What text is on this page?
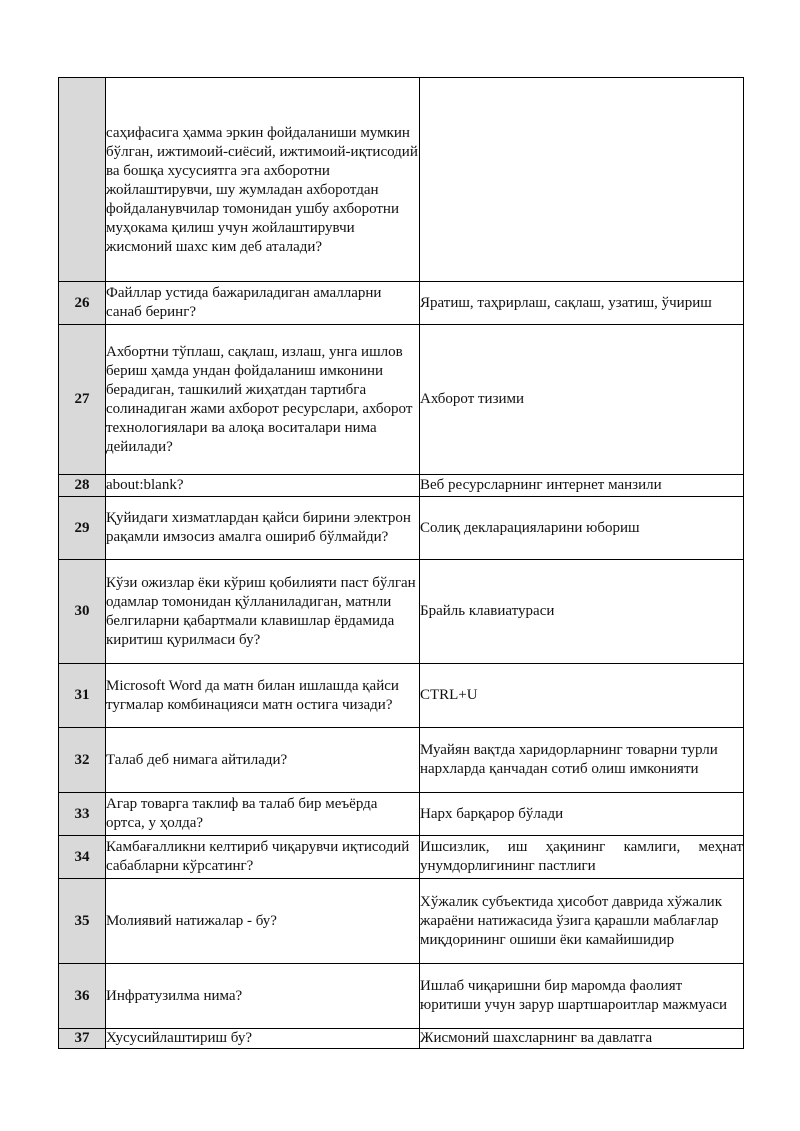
	саҳифасига ҳамма эркин фойдаланиши мумкин бўлган, ижтимоий-сиёсий, ижтимоий-иқтисодий ва бошқа хусусиятга эга ахборотни жойлаштирувчи, шу жумладан ахборотдан фойдаланувчилар томонидан ушбу ахборотни муҳокама қилиш учун жойлаштирувчи жисмоний шахс ким деб аталади?	

26	Файллар устида бажариладиган амалларни санаб беринг?	Яратиш, таҳрирлаш, сақлаш, узатиш, ўчириш

27	Ахбортни тўплаш, сақлаш, излаш, унга ишлов бериш ҳамда ундан фойдаланиш имконини берадиган, ташкилий жиҳатдан тартибга солинадиган жами ахборот ресурслари, ахборот технологиялари ва алоқа воситалари нима дейилади?	Ахборот тизими

28	about:blank?	Веб ресурсларнинг интернет манзили

29	Қуйидаги хизматлардан қайси бирини электрон рақамли имзосиз амалга ошириб бўлмайди?	Солиқ декларацияларини юбориш

30	Кўзи ожизлар ёки кўриш қобилияти паст бўлган одамлар томонидан қўлланиладиган, матнли белгиларни қабартмали клавишлар ёрдамида киритиш қурилмаси бу?	Брайль клавиатураси

31	Microsoft Word да матн билан ишлашда қайси тугмалар комбинацияси матн остига чизади?	CTRL+U

32	Талаб деб нимага айтилади?	Муайян вақтда харидорларнинг товарни турли нархларда қанчадан сотиб олиш имконияти

33	Агар товарга таклиф ва талаб бир меъёрда ортса, у ҳолда?	Нарх барқарор бўлади

34	Камбағалликни келтириб чиқарувчи иқтисодий сабабларни кўрсатинг?	Ишсизлик, иш ҳақининг камлиги, меҳнат унумдорлигининг пастлиги

35	Молиявий натижалар - бу?	Хўжалик субъектида ҳисобот даврида хўжалик жараёни натижасида ўзига қарашли маблағлар миқдорининг ошиши ёки камайишидир

36	Инфратузилма нима?	Ишлаб чиқаришни бир маромда фаолият юритиши учун зарур шартшароитлар мажмуаси

37	Хусусийлаштириш бу?	Жисмоний шахсларнинг ва давлатга
